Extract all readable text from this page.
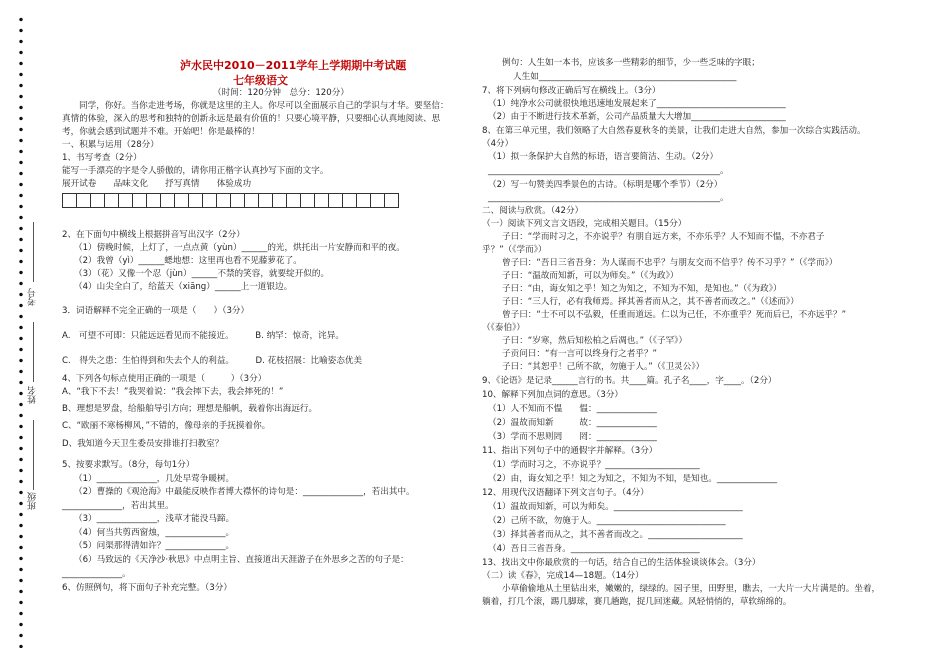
考号
姓名
班级
泸水民中2010－2011学年上学期期中考试题
七年级语文
（时间：120分钟　总分：120分）
同学，你好。当你走进考场，你就是这里的主人。你尽可以全面展示自己的学识与才华。要坚信：
真情的体验，深入的思考和独特的创新永远是最有价值的！只要心境平静，只要细心认真地阅读、思
考，你就会感到试题并不难。开始吧！你是最棒的！
一、积累与运用（28分）
1、书写考查（2分）
能写一手漂亮的字是令人骄傲的，请你用正楷字认真抄写下面的文字。
展开试卷　　品味文化　　抒写真情　　体验成功
2、在下面句中横线上根据拼音写出汉字（2分）
（1）傍晚时候，上灯了，一点点黄（yùn）______的光，烘托出一片安静而和平的夜。
（2）我曾（yì）______蟋地想：这里再也看不见藤萝花了。
（3）（花）又像一个忍（jùn）______不禁的笑容，就要绽开似的。
（4）山尖全白了，给蓝天（xiāng）______上一道银边。
3．词语解释不完全正确的一项是（　　）（3分）
A.　可望不可即：只能远远看见而不能接近。　　　B. 纳罕：惊奇，诧异。
C.　得失之患：生怕得到和失去个人的利益。　　　D. 花枝招展：比喻姿态优美
4、下列各句标点使用正确的一项是（　　　）（3分）
A、“我下不去！”我哭着说：“我会摔下去，我会摔死的！”
B、理想是罗盘，给船舶导引方向；理想是船帆，载着你出海远行。
C、“欧丽不寒杨柳风，”不错的，像母亲的手抚摸着你。
D、我知道今天卫生委员安排谁打扫教室？
5、按要求默写。（8分，每句1分）
（1）______________，几处早莺争暖树。
（2）曹操的《观沧海》中最能反映作者博大襟怀的诗句是：______________，若出其中。
______________，若出其里。
（3）______________，浅草才能没马蹄。
（4）何当共剪西窗烛，______________。
（5）问渠那得清如许？______________。
（6）马致远的《天净沙·秋思》中点明主旨、直接道出天涯游子在外思乡之苦的句子是：
______________。
6、仿照例句，将下面句子补充完整。（3分）
例句：人生如一本书，应该多一些精彩的细节，少一些乏味的字眼；
人生如______________________________________________
7、将下列病句修改正确后写在横线上。（3分）
（1）纯净水公司就很快地迅速地发展起来了______________________________
（2）由于不断进行技术革新，公司产品质量大大增加______________________
8、在第三单元里，我们领略了大自然春夏秋冬的美景，让我们走进大自然，参加一次综合实践活动。
（4分）
（1）拟一条保护大自然的标语，语言要简洁、生动。（2分）
______________________________________________________。
（2）写一句赞美四季景色的古诗。（标明是哪个季节）（2分）
______________________________________________________。
二、阅读与欣赏。（42分）
（一）阅读下列文言文语段，完成相关题目。（15分）
子曰：“学而时习之，不亦说乎？有朋自远方来，不亦乐乎？人不知而不愠，不亦君子
乎？”（《学而》）
曾子曰：“吾日三省吾身：为人谋而不忠乎？与朋友交而不信乎？传不习乎？”（《学而》）
子曰：“温故而知新，可以为师矣。”（《为政》）
子曰：“由，诲女知之乎！知之为知之，不知为不知，是知也。”（《为政》）
子曰：“三人行，必有我师焉。择其善者而从之，其不善者而改之。”（《述而》）
曾子曰：“士不可以不弘毅，任重而道远。仁以为己任，不亦重乎？死而后已，不亦远乎？”
（《泰伯》）
子曰：“岁寒，然后知松柏之后凋也。”（《子罕》）
子贡问曰：“有一言可以终身行之者乎？”
子曰：“其恕乎！己所不欲，勿施于人。”（《卫灵公》）
9、《论语》是记录______言行的书。共____篇。孔子名____，字____。（2分）
10、解释下列加点词的意思。（3分）
（1）人不知而不愠　　愠：______________
（2）温故而知新　　　故：______________
（3）学而不思则罔　　罔：______________
11、指出下列句子中的通假字并解释。（3分）
（1）学而时习之，不亦说乎？______________________
（2）由，诲女知之乎！知之为知之，不知为不知，是知也。______________
12、用现代汉语翻译下列文言句子。（4分）
（1）温故而知新，可以为师矣。______________________________
（2）己所不欲，勿施于人。______________________________
（3）择其善者而从之，其不善者而改之。______________________
（4）吾日三省吾身。______________________________
13、找出文中你最欣赏的一句话，结合自己的生活体验谈谈体会。（3分）
（二）读《春》，完成14—18题。（14分）
小草偷偷地从土里钻出来，嫩嫩的，绿绿的。园子里，田野里，瞧去，一大片一大片满是的。坐着，
躺着，打几个滚，踢几脚球，赛几趟跑，捉几回迷藏。风轻悄悄的，草软绵绵的。
